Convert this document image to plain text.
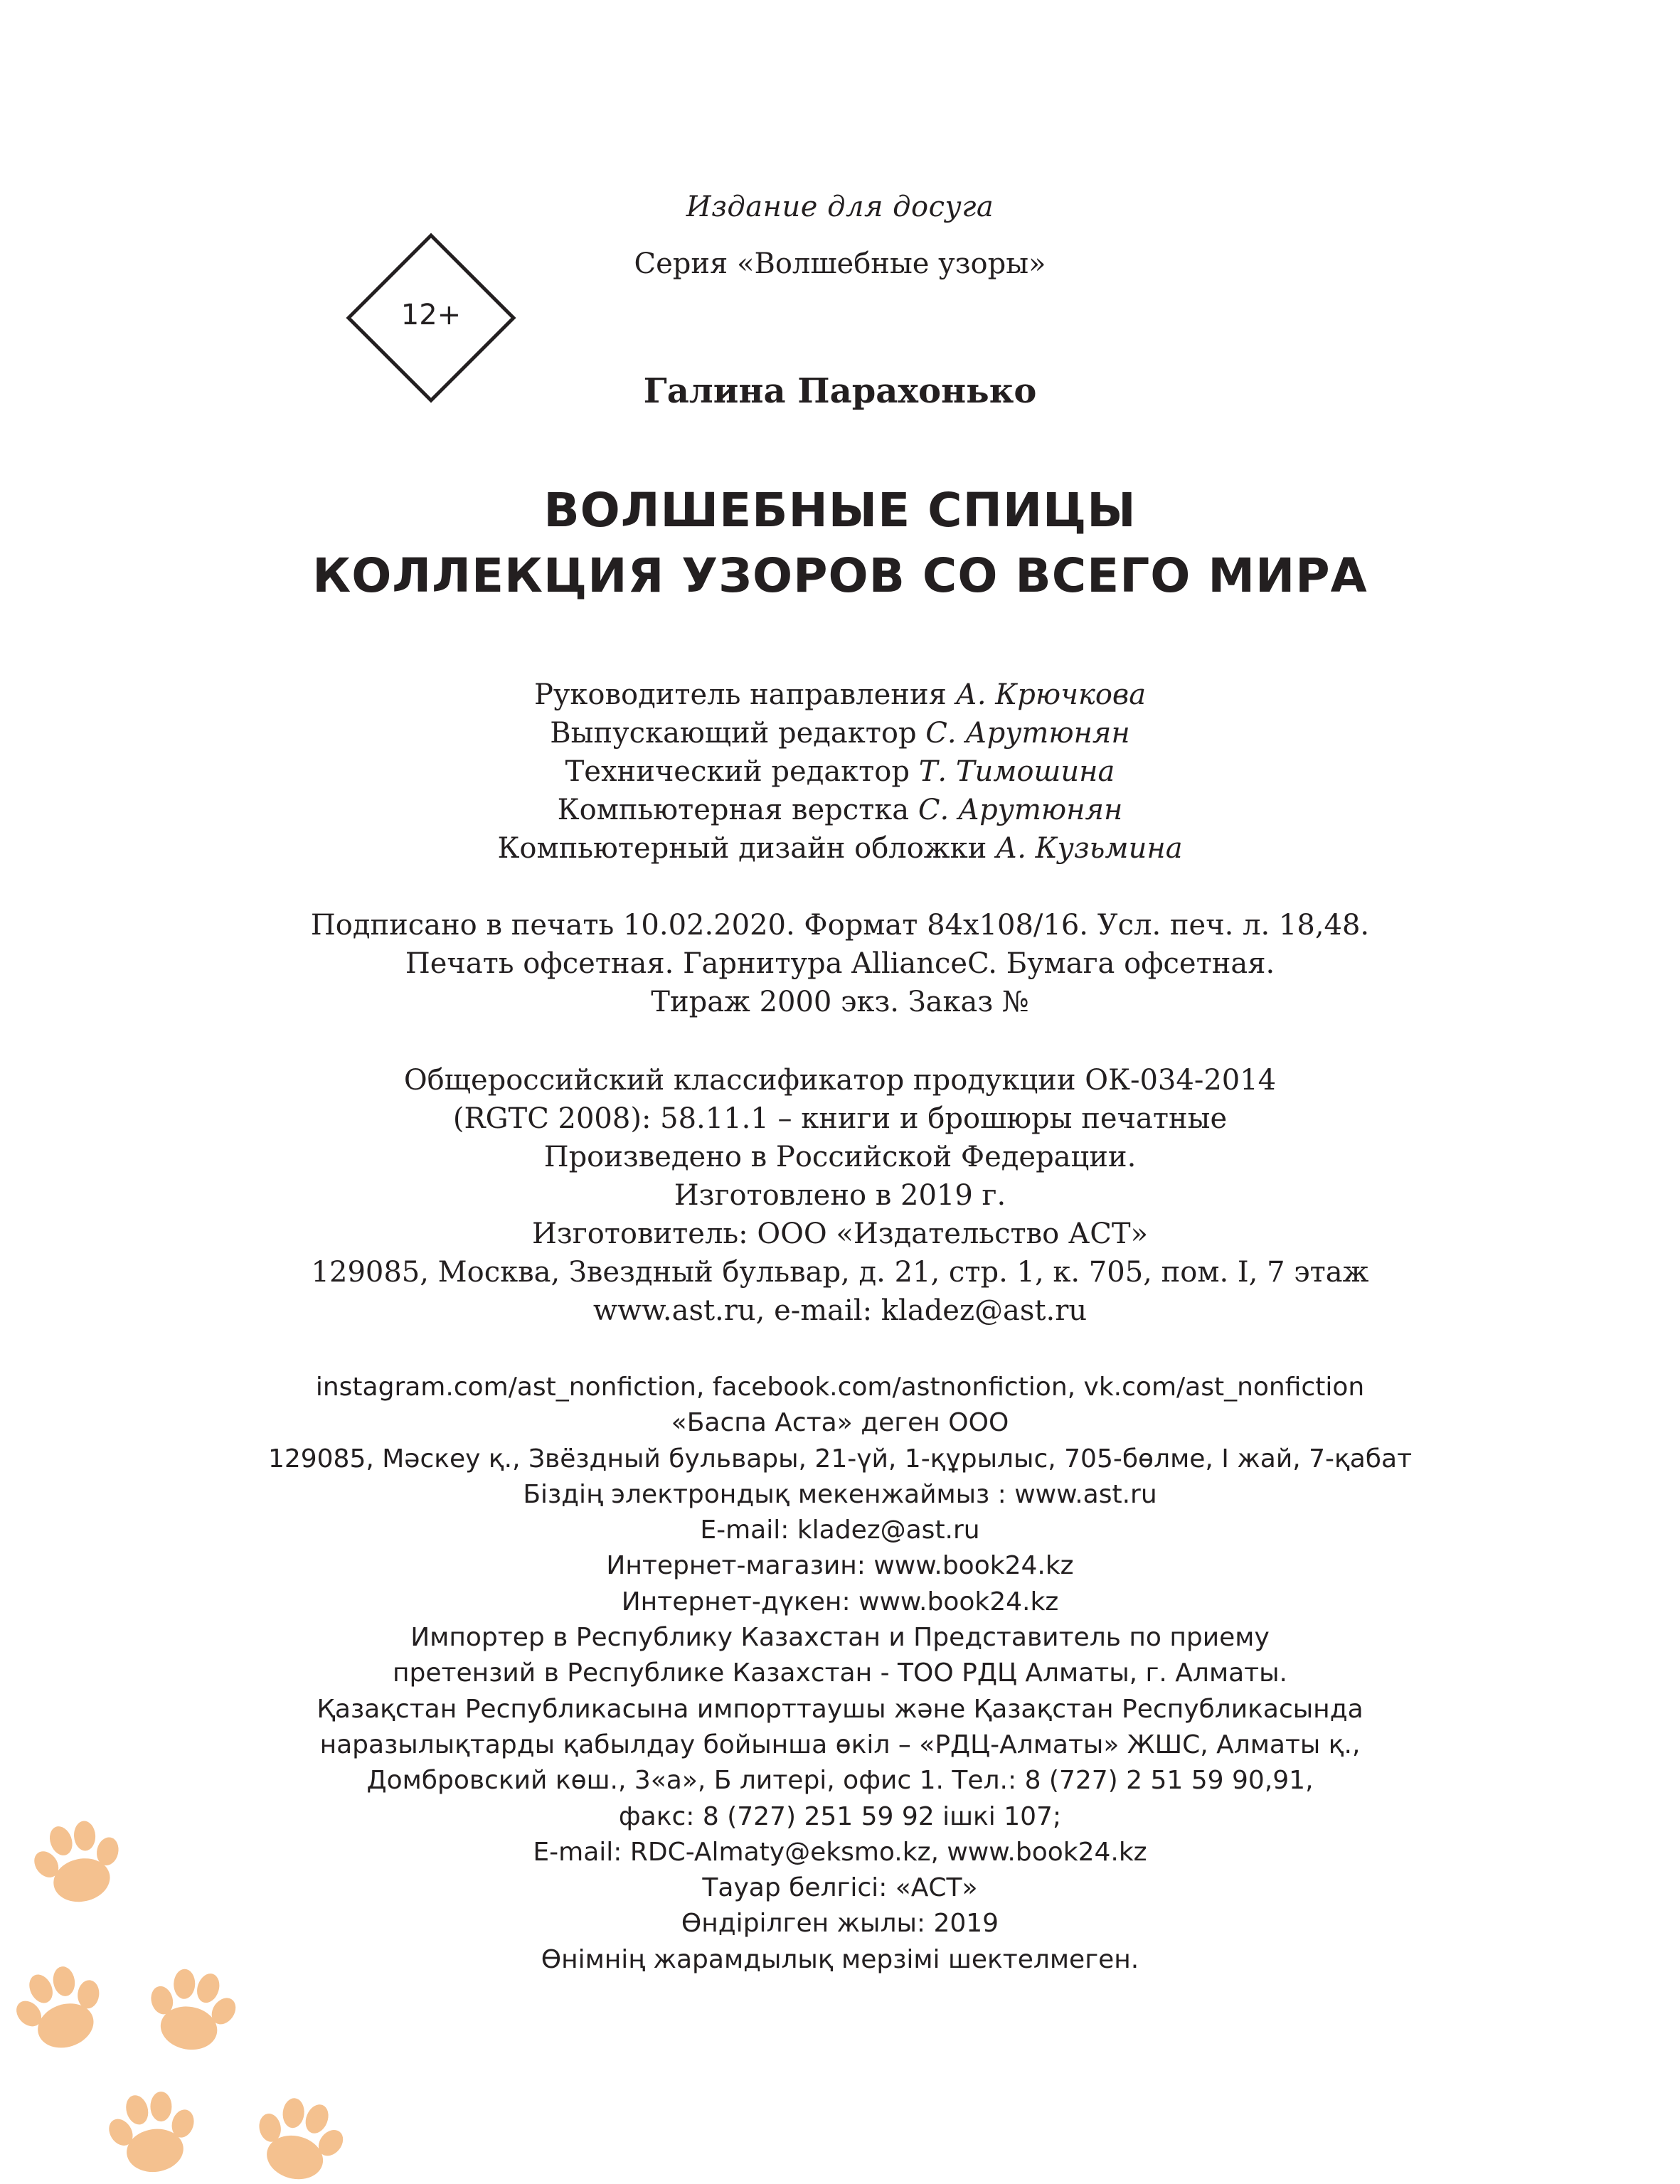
12+
Издание для досуга
Серия «Волшебные узоры»
Галина Парахонько
ВОЛШЕБНЫЕ СПИЦЫ
КОЛЛЕКЦИЯ УЗОРОВ СО ВСЕГО МИРА
Руководитель направления А. Крючкова
Выпускающий редактор С. Арутюнян
Технический редактор Т. Тимошина
Компьютерная верстка С. Арутюнян
Компьютерный дизайн обложки А. Кузьмина
Подписано в печать 10.02.2020. Формат 84х108/16. Усл. печ. л. 18,48.
Печать офсетная. Гарнитура AllianceC. Бумага офсетная.
Тираж 2000 экз. Заказ №
Общероссийский классификатор продукции ОК-034-2014
(RGTC 2008): 58.11.1 – книги и брошюры печатные
Произведено в Российской Федерации.
Изготовлено в 2019 г.
Изготовитель: ООО «Издательство АСТ»
129085, Москва, Звездный бульвар, д. 21, стр. 1, к. 705, пом. I, 7 этаж
www.ast.ru, e-mail: kladez@ast.ru
instagram.com/ast_nonfiction, facebook.com/astnonfiction, vk.com/ast_nonfiction
«Баспа Аста» деген ООО
129085, Мәскеу қ., Звёздный бульвары, 21-үй, 1-құрылыс, 705-бөлме, I жай, 7-қабат
Біздің электрондық мекенжаймыз : www.ast.ru
E-mail: kladez@ast.ru
Интернет-магазин: www.book24.kz
Интернет-дүкен: www.book24.kz
Импортер в Республику Казахстан и Представитель по приему
претензий в Республике Казахстан - ТОО РДЦ Алматы, г. Алматы.
Қазақстан Республикасына импорттаушы және Қазақстан Республикасында
наразылықтарды қабылдау бойынша өкіл – «РДЦ-Алматы» ЖШС, Алматы қ.,
Домбровский көш., 3«а», Б литері, офис 1. Тел.: 8 (727) 2 51 59 90,91,
факс: 8 (727) 251 59 92 ішкі 107;
E-mail: RDC-Almaty@eksmo.kz, www.book24.kz
Тауар белгісі: «АСТ»
Өндірілген жылы: 2019
Өнімнің жарамдылық мерзімі шектелмеген.
